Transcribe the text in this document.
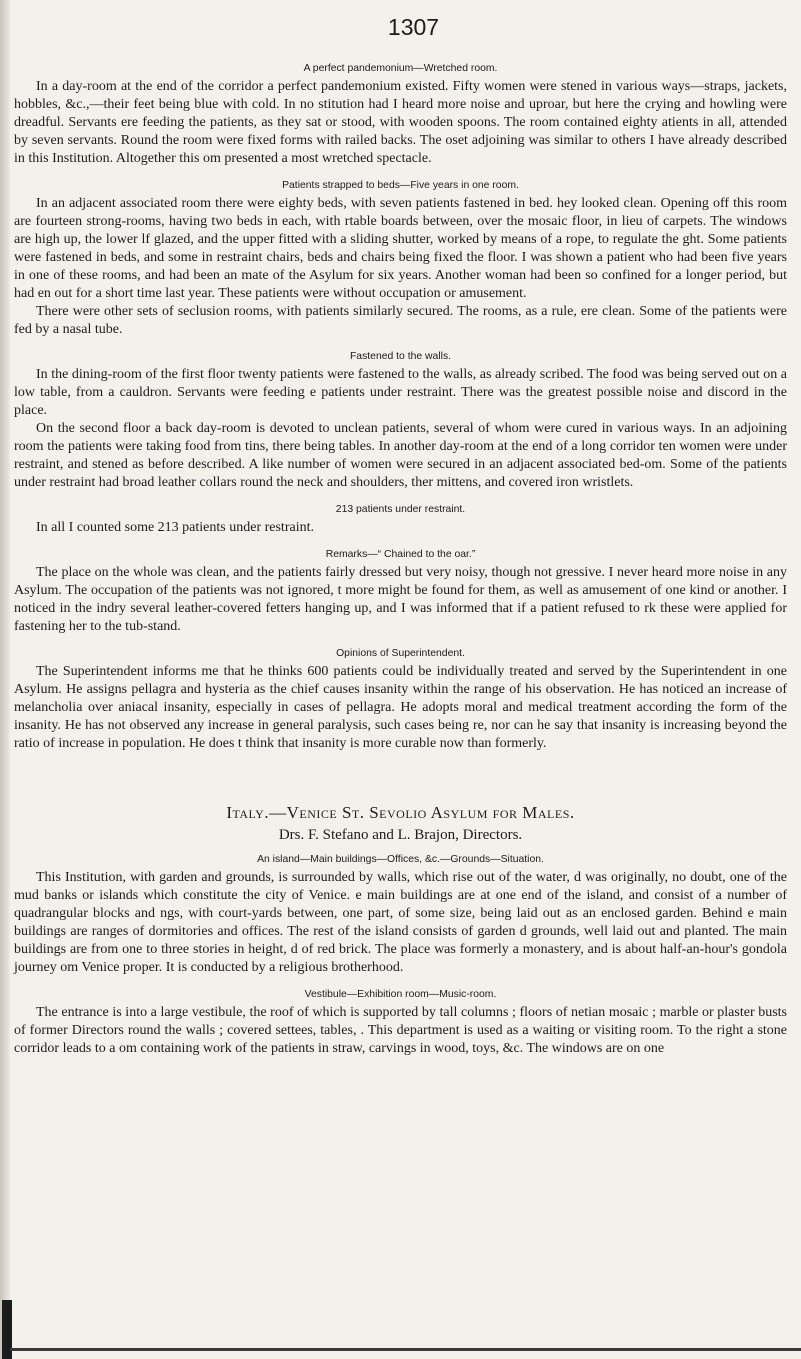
1307
A perfect pandemonium—Wretched room.

In a day-room at the end of the corridor a perfect pandemonium existed. Fifty women were stened in various ways—straps, jackets, hobbles, &c.,—their feet being blue with cold. In no stitution had I heard more noise and uproar, but here the crying and howling were dreadful. Servants ere feeding the patients, as they sat or stood, with wooden spoons. The room contained eighty atients in all, attended by seven servants. Round the room were fixed forms with railed backs. The oset adjoining was similar to others I have already described in this Institution. Altogether this om presented a most wretched spectacle.

Patients strapped to beds—Five years in one room.

In an adjacent associated room there were eighty beds, with seven patients fastened in bed. hey looked clean. Opening off this room are fourteen strong-rooms, having two beds in each, with rtable boards between, over the mosaic floor, in lieu of carpets. The windows are high up, the lower lf glazed, and the upper fitted with a sliding shutter, worked by means of a rope, to regulate the ght. Some patients were fastened in beds, and some in restraint chairs, beds and chairs being fixed the floor. I was shown a patient who had been five years in one of these rooms, and had been an mate of the Asylum for six years. Another woman had been so confined for a longer period, but had en out for a short time last year. These patients were without occupation or amusement.

There were other sets of seclusion rooms, with patients similarly secured. The rooms, as a rule, ere clean. Some of the patients were fed by a nasal tube.

Fastened to the walls.

In the dining-room of the first floor twenty patients were fastened to the walls, as already scribed. The food was being served out on a low table, from a cauldron. Servants were feeding e patients under restraint. There was the greatest possible noise and discord in the place.

On the second floor a back day-room is devoted to unclean patients, several of whom were cured in various ways. In an adjoining room the patients were taking food from tins, there being tables. In another day-room at the end of a long corridor ten women were under restraint, and stened as before described. A like number of women were secured in an adjacent associated bed-om. Some of the patients under restraint had broad leather collars round the neck and shoulders, ther mittens, and covered iron wristlets.

213 patients under restraint.

In all I counted some 213 patients under restraint.

Remarks—“ Chained to the oar.”

The place on the whole was clean, and the patients fairly dressed but very noisy, though not gressive. I never heard more noise in any Asylum. The occupation of the patients was not ignored, t more might be found for them, as well as amusement of one kind or another. I noticed in the indry several leather-covered fetters hanging up, and I was informed that if a patient refused to rk these were applied for fastening her to the tub-stand.

Opinions of Superintendent.

The Superintendent informs me that he thinks 600 patients could be individually treated and served by the Superintendent in one Asylum. He assigns pellagra and hysteria as the chief causes insanity within the range of his observation. He has noticed an increase of melancholia over aniacal insanity, especially in cases of pellagra. He adopts moral and medical treatment according the form of the insanity. He has not observed any increase in general paralysis, such cases being re, nor can he say that insanity is increasing beyond the ratio of increase in population. He does t think that insanity is more curable now than formerly.

Italy.—Venice St. Sevolio Asylum for Males.
Drs. F. Stefano and L. Brajon, Directors.
An island—Main buildings—Offices, &c.—Grounds—Situation.

This Institution, with garden and grounds, is surrounded by walls, which rise out of the water, d was originally, no doubt, one of the mud banks or islands which constitute the city of Venice. e main buildings are at one end of the island, and consist of a number of quadrangular blocks and ngs, with court-yards between, one part, of some size, being laid out as an enclosed garden. Behind e main buildings are ranges of dormitories and offices. The rest of the island consists of garden d grounds, well laid out and planted. The main buildings are from one to three stories in height, d of red brick. The place was formerly a monastery, and is about half-an-hour's gondola journey om Venice proper. It is conducted by a religious brotherhood.

Vestibule—Exhibition room—Music-room.

The entrance is into a large vestibule, the roof of which is supported by tall columns ; floors of netian mosaic ; marble or plaster busts of former Directors round the walls ; covered settees, tables, . This department is used as a waiting or visiting room. To the right a stone corridor leads to a om containing work of the patients in straw, carvings in wood, toys, &c. The windows are on one
